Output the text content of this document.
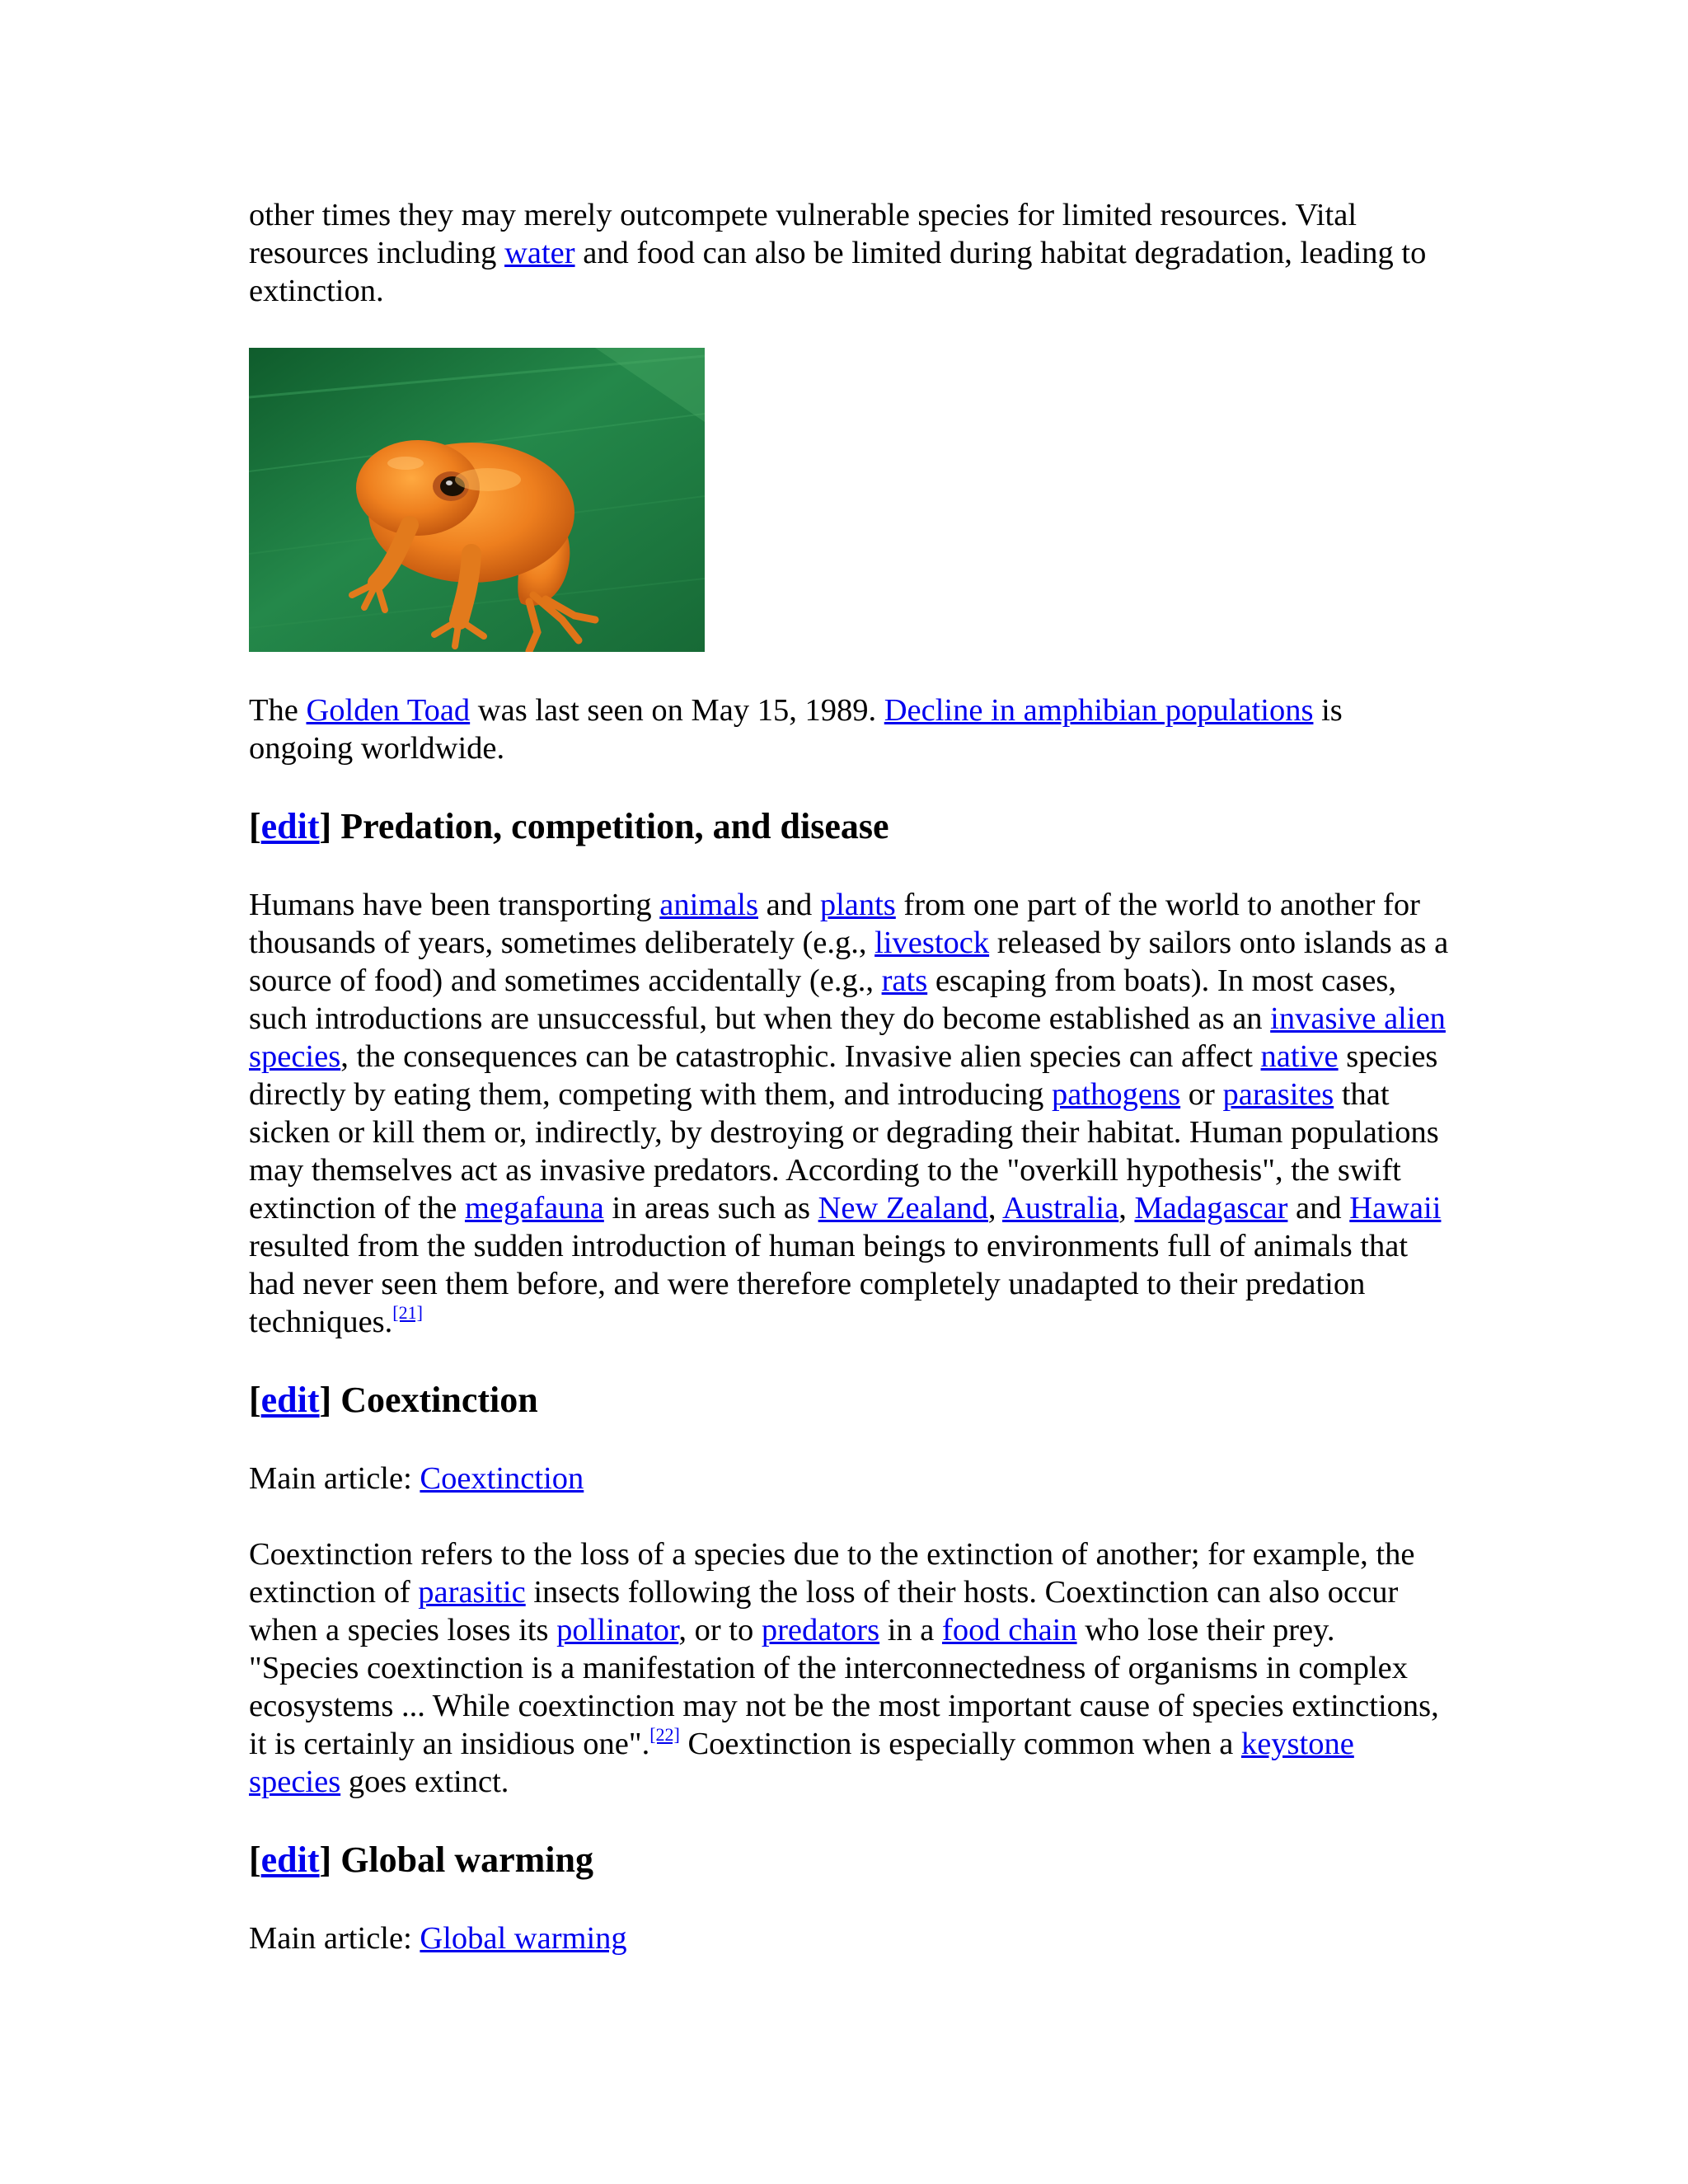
other times they may merely outcompete vulnerable species for limited resources. Vital resources including water and food can also be limited during habitat degradation, leading to extinction.

The Golden Toad was last seen on May 15, 1989. Decline in amphibian populations is ongoing worldwide.

[edit] Predation, competition, and disease

Humans have been transporting animals and plants from one part of the world to another for thousands of years, sometimes deliberately (e.g., livestock released by sailors onto islands as a source of food) and sometimes accidentally (e.g., rats escaping from boats). In most cases, such introductions are unsuccessful, but when they do become established as an invasive alien species, the consequences can be catastrophic. Invasive alien species can affect native species directly by eating them, competing with them, and introducing pathogens or parasites that sicken or kill them or, indirectly, by destroying or degrading their habitat. Human populations may themselves act as invasive predators. According to the "overkill hypothesis", the swift extinction of the megafauna in areas such as New Zealand, Australia, Madagascar and Hawaii resulted from the sudden introduction of human beings to environments full of animals that had never seen them before, and were therefore completely unadapted to their predation techniques.[21]

[edit] Coextinction

Main article: Coextinction

Coextinction refers to the loss of a species due to the extinction of another; for example, the extinction of parasitic insects following the loss of their hosts. Coextinction can also occur when a species loses its pollinator, or to predators in a food chain who lose their prey. "Species coextinction is a manifestation of the interconnectedness of organisms in complex ecosystems ... While coextinction may not be the most important cause of species extinctions, it is certainly an insidious one".[22] Coextinction is especially common when a keystone species goes extinct.

[edit] Global warming

Main article: Global warming
